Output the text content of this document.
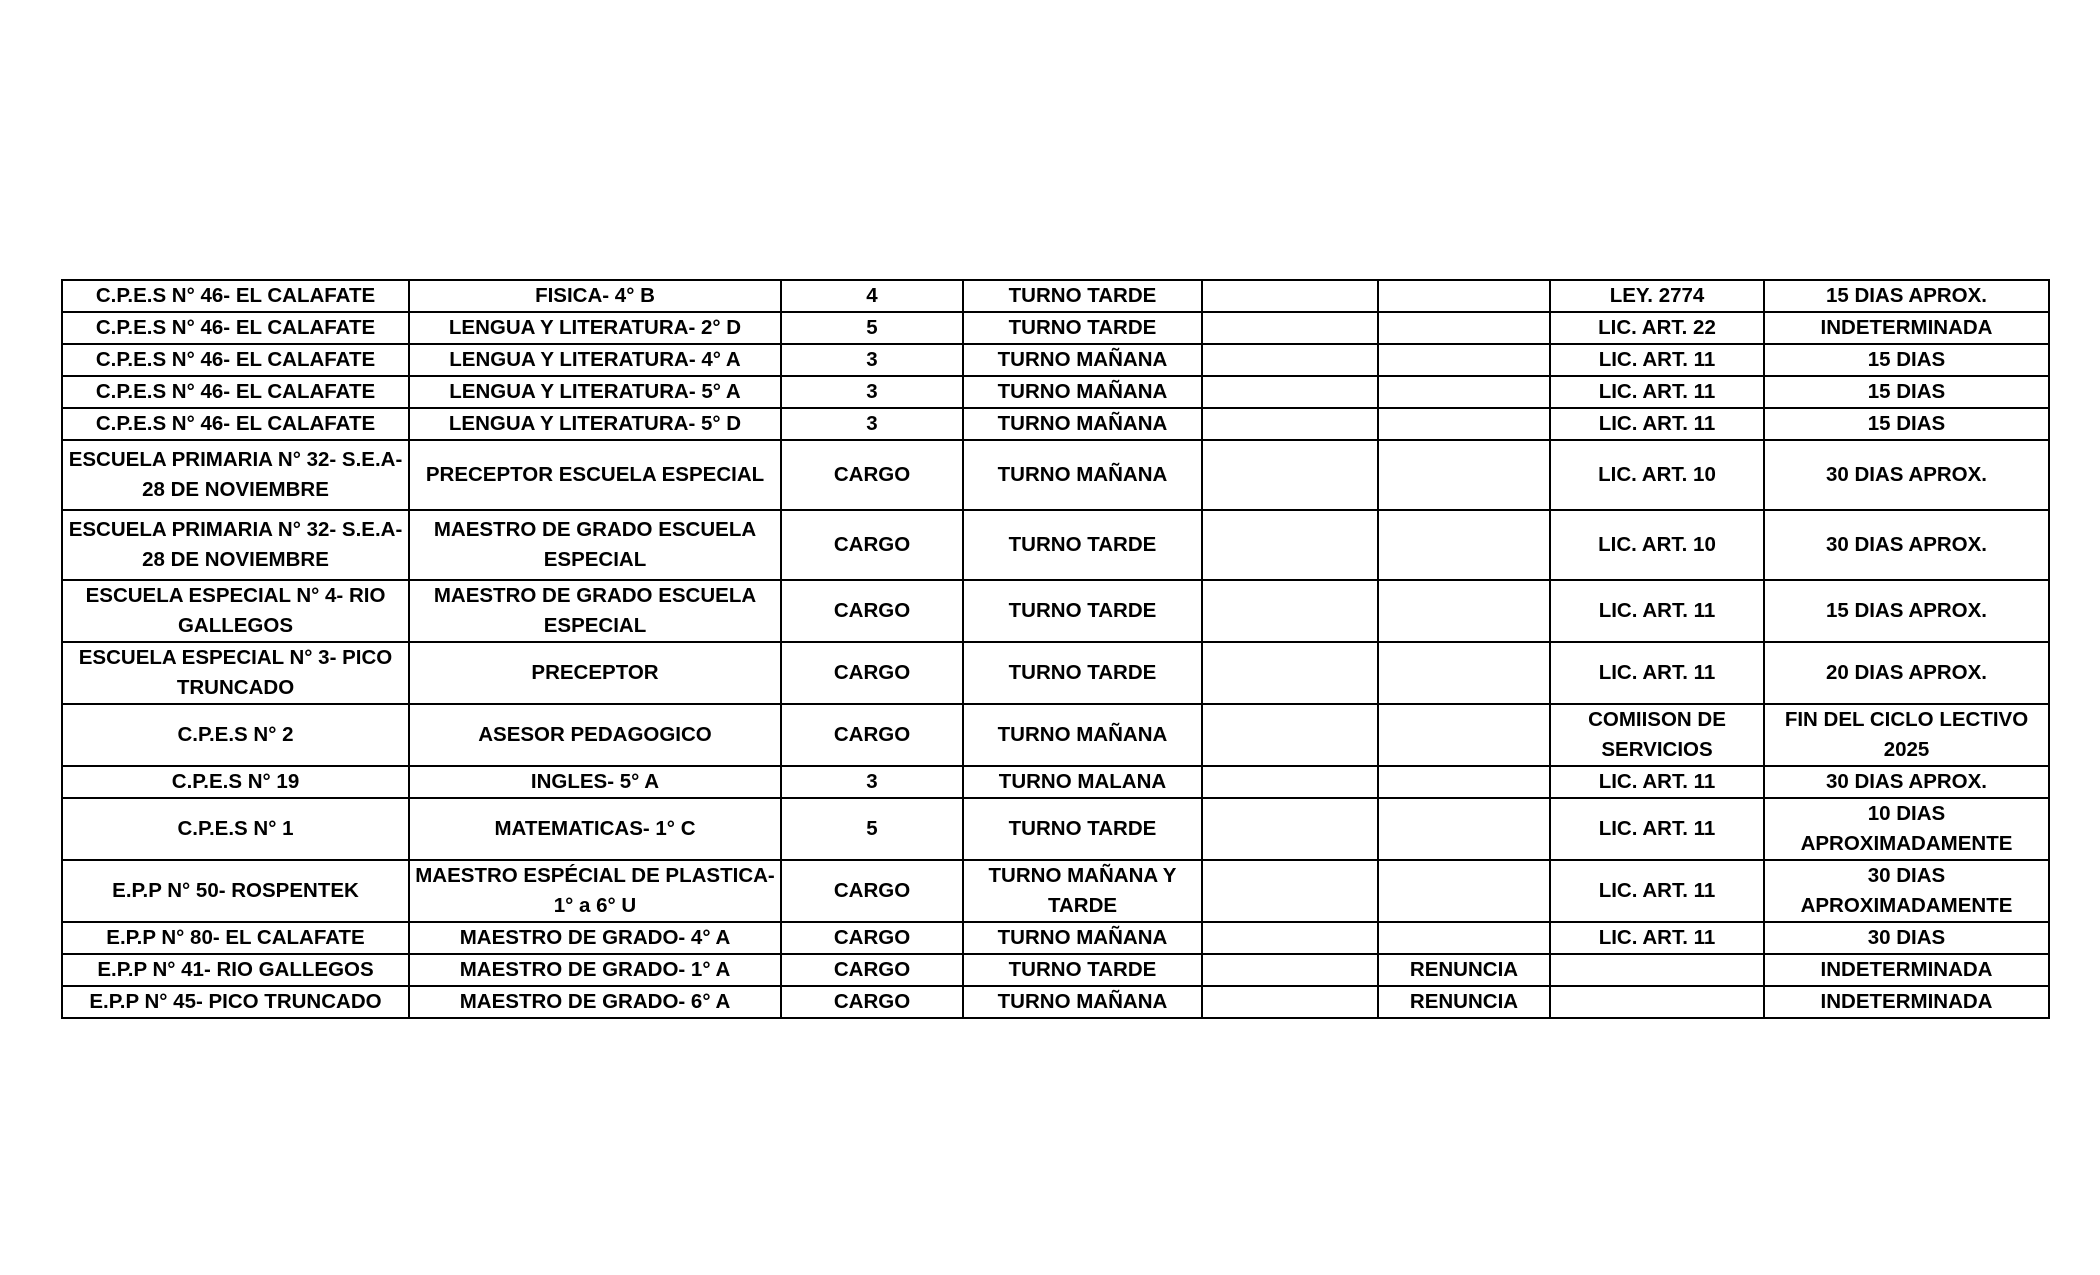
C.P.E.S N° 46- EL CALAFATE	FISICA- 4° B	4	TURNO TARDE			LEY. 2774	15 DIAS APROX.
C.P.E.S N° 46- EL CALAFATE	LENGUA Y LITERATURA- 2° D	5	TURNO TARDE			LIC. ART. 22	INDETERMINADA
C.P.E.S N° 46- EL CALAFATE	LENGUA Y LITERATURA- 4° A	3	TURNO MAÑANA			LIC. ART. 11	15 DIAS
C.P.E.S N° 46- EL CALAFATE	LENGUA Y LITERATURA- 5° A	3	TURNO MAÑANA			LIC. ART. 11	15 DIAS
C.P.E.S N° 46- EL CALAFATE	LENGUA Y LITERATURA- 5° D	3	TURNO MAÑANA			LIC. ART. 11	15 DIAS
ESCUELA PRIMARIA N° 32- S.E.A- 28 DE NOVIEMBRE	PRECEPTOR ESCUELA ESPECIAL	CARGO	TURNO MAÑANA			LIC. ART. 10	30 DIAS APROX.
ESCUELA PRIMARIA N° 32- S.E.A- 28 DE NOVIEMBRE	MAESTRO DE GRADO ESCUELA ESPECIAL	CARGO	TURNO TARDE			LIC. ART. 10	30 DIAS APROX.
ESCUELA ESPECIAL N° 4- RIO GALLEGOS	MAESTRO DE GRADO ESCUELA ESPECIAL	CARGO	TURNO TARDE			LIC. ART. 11	15 DIAS APROX.
ESCUELA ESPECIAL N° 3- PICO TRUNCADO	PRECEPTOR	CARGO	TURNO TARDE			LIC. ART. 11	20 DIAS APROX.
C.P.E.S N° 2	ASESOR PEDAGOGICO	CARGO	TURNO MAÑANA			COMIISON DE SERVICIOS	FIN DEL CICLO LECTIVO 2025
C.P.E.S N° 19	INGLES- 5° A	3	TURNO MALANA			LIC. ART. 11	30 DIAS APROX.
C.P.E.S N° 1	MATEMATICAS- 1° C	5	TURNO TARDE			LIC. ART. 11	10 DIAS APROXIMADAMENTE
E.P.P N° 50- ROSPENTEK	MAESTRO ESPÉCIAL DE PLASTICA- 1° a 6° U	CARGO	TURNO MAÑANA Y TARDE			LIC. ART. 11	30 DIAS APROXIMADAMENTE
E.P.P N° 80- EL CALAFATE	MAESTRO DE GRADO- 4° A	CARGO	TURNO MAÑANA			LIC. ART. 11	30 DIAS
E.P.P N° 41- RIO GALLEGOS	MAESTRO DE GRADO- 1° A	CARGO	TURNO TARDE		RENUNCIA		INDETERMINADA
E.P.P N° 45- PICO TRUNCADO	MAESTRO DE GRADO- 6° A	CARGO	TURNO MAÑANA		RENUNCIA		INDETERMINADA
